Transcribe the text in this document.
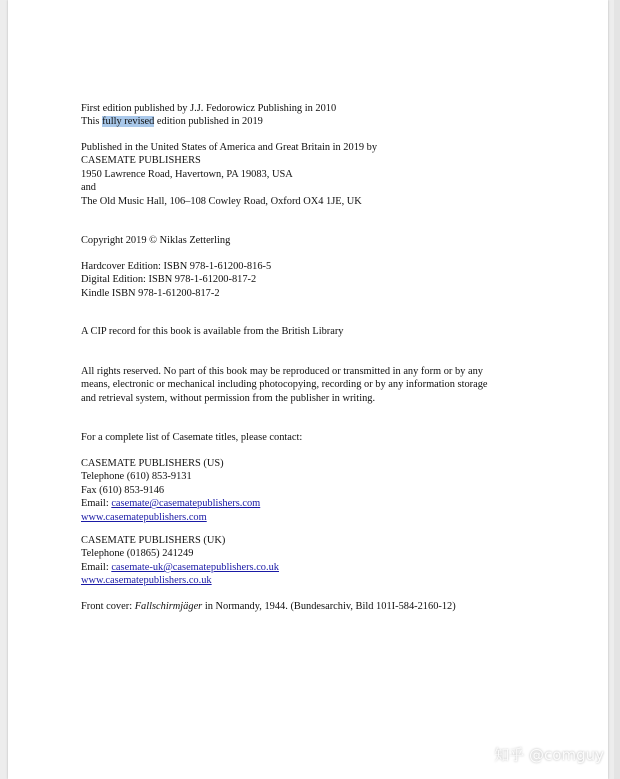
First edition published by J.J. Fedorowicz Publishing in 2010
This fully revised edition published in 2019
Published in the United States of America and Great Britain in 2019 by
CASEMATE PUBLISHERS
1950 Lawrence Road, Havertown, PA 19083, USA
and
The Old Music Hall, 106–108 Cowley Road, Oxford OX4 1JE, UK
Copyright 2019 © Niklas Zetterling
Hardcover Edition: ISBN 978-1-61200-816-5
Digital Edition: ISBN 978-1-61200-817-2
Kindle ISBN 978-1-61200-817-2
A CIP record for this book is available from the British Library
All rights reserved. No part of this book may be reproduced or transmitted in any form or by any
means, electronic or mechanical including photocopying, recording or by any information storage
and retrieval system, without permission from the publisher in writing.
For a complete list of Casemate titles, please contact:
CASEMATE PUBLISHERS (US)
Telephone (610) 853-9131
Fax (610) 853-9146
Email: casemate@casematepublishers.com
www.casematepublishers.com
CASEMATE PUBLISHERS (UK)
Telephone (01865) 241249
Email: casemate-uk@casematepublishers.co.uk
www.casematepublishers.co.uk
Front cover: Fallschirmjäger in Normandy, 1944. (Bundesarchiv, Bild 101I-584-2160-12)
知乎 @comguy
